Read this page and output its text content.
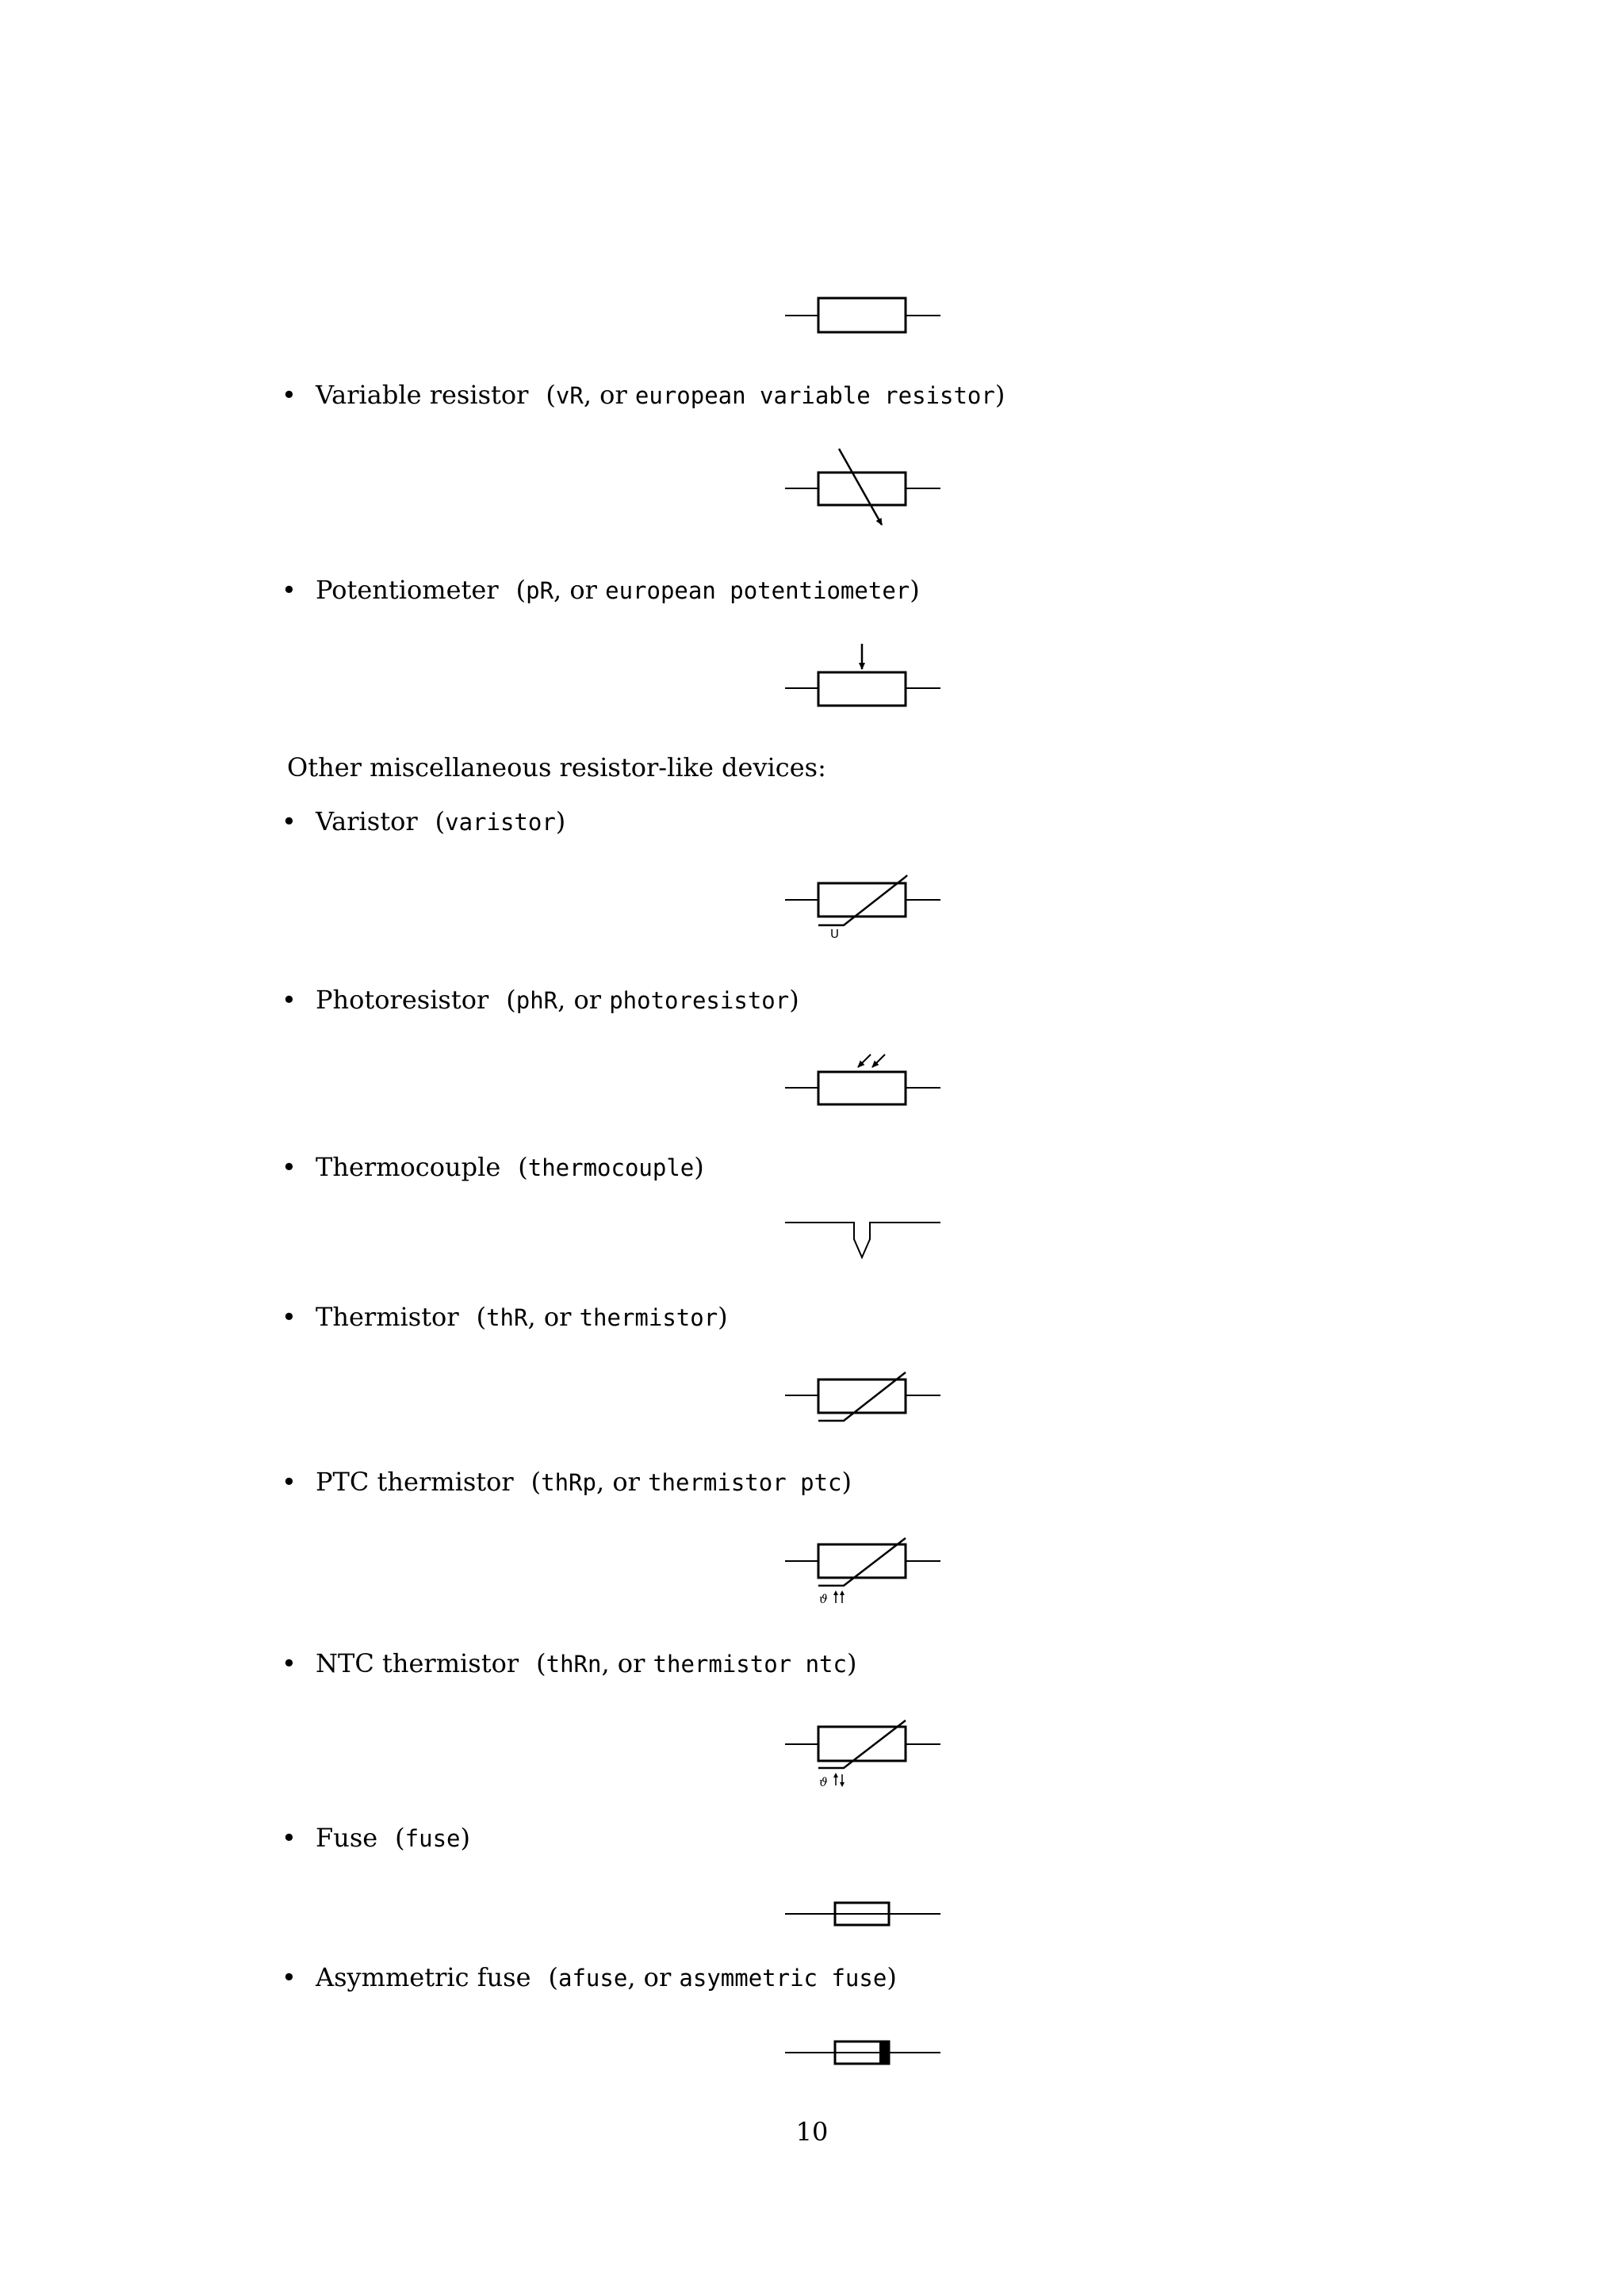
• Variable resistor (vR, or european variable resistor)
• Potentiometer (pR, or european potentiometer)
Other miscellaneous resistor-like devices:
• Varistor (varistor)
• Photoresistor (phR, or photoresistor)
• Thermocouple (thermocouple)
• Thermistor (thR, or thermistor)
• PTC thermistor (thRp, or thermistor ptc)
• NTC thermistor (thRn, or thermistor ntc)
• Fuse (fuse)
• Asymmetric fuse (afuse, or asymmetric fuse)
10
U
ϑ
ϑ
